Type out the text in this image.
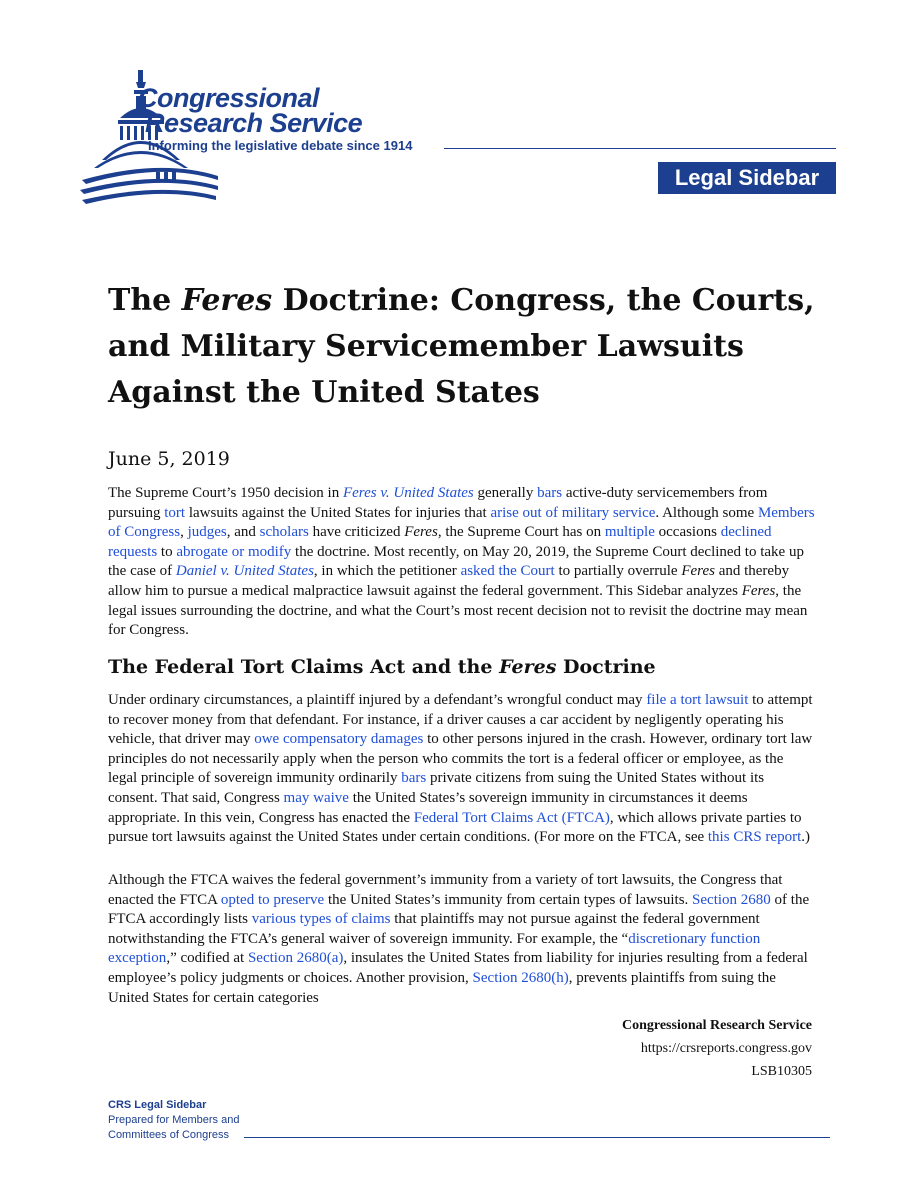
Congressional
Research Service
Informing the legislative debate since 1914
Legal Sidebar
The Feres Doctrine: Congress, the Courts, and Military Servicemember Lawsuits Against the United States

June 5, 2019

The Supreme Court’s 1950 decision in Feres v. United States generally bars active-duty servicemembers from pursuing tort lawsuits against the United States for injuries that arise out of military service. Although some Members of Congress, judges, and scholars have criticized Feres, the Supreme Court has on multiple occasions declined requests to abrogate or modify the doctrine. Most recently, on May 20, 2019, the Supreme Court declined to take up the case of Daniel v. United States, in which the petitioner asked the Court to partially overrule Feres and thereby allow him to pursue a medical malpractice lawsuit against the federal government. This Sidebar analyzes Feres, the legal issues surrounding the doctrine, and what the Court’s most recent decision not to revisit the doctrine may mean for Congress.

The Federal Tort Claims Act and the Feres Doctrine

Under ordinary circumstances, a plaintiff injured by a defendant’s wrongful conduct may file a tort lawsuit to attempt to recover money from that defendant. For instance, if a driver causes a car accident by negligently operating his vehicle, that driver may owe compensatory damages to other persons injured in the crash. However, ordinary tort law principles do not necessarily apply when the person who commits the tort is a federal officer or employee, as the legal principle of sovereign immunity ordinarily bars private citizens from suing the United States without its consent. That said, Congress may waive the United States’s sovereign immunity in circumstances it deems appropriate. In this vein, Congress has enacted the Federal Tort Claims Act (FTCA), which allows private parties to pursue tort lawsuits against the United States under certain conditions. (For more on the FTCA, see this CRS report.)

Although the FTCA waives the federal government’s immunity from a variety of tort lawsuits, the Congress that enacted the FTCA opted to preserve the United States’s immunity from certain types of lawsuits. Section 2680 of the FTCA accordingly lists various types of claims that plaintiffs may not pursue against the federal government notwithstanding the FTCA’s general waiver of sovereign immunity. For example, the “discretionary function exception,” codified at Section 2680(a), insulates the United States from liability for injuries resulting from a federal employee’s policy judgments or choices. Another provision, Section 2680(h), prevents plaintiffs from suing the United States for certain categories

Congressional Research Service
https://crsreports.congress.gov
LSB10305
CRS Legal Sidebar
Prepared for Members and
Committees of Congress
